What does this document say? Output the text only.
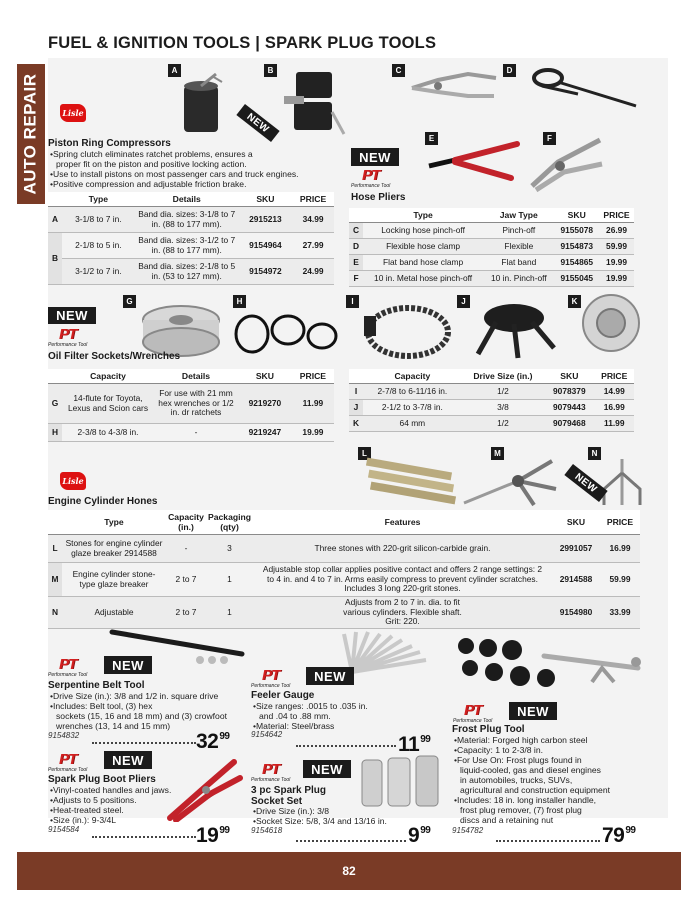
FUEL & IGNITION TOOLS | SPARK PLUG TOOLS
AUTO REPAIR	Lisle
A	B
NEW
Piston Ring Compressors
•Spring clutch eliminates ratchet problems, ensures a
proper fit on the piston and positive locking action.
•Use to install pistons on most passenger cars and truck engines.
•Positive compression and adjustable friction brake.
	Type	Details	SKU	PRICE
A	3-1/8 to 7 in.	Band dia. sizes: 3-1/8 to 7 in. (88 to 177 mm).	2915213	34.99
B	2-1/8 to 5 in.	Band dia. sizes: 3-1/2 to 7 in. (88 to 177 mm).	9154964	27.99
	3-1/2 to 7 in.	Band dia. sizes: 2-1/8 to 5 in. (53 to 127 mm).	9154972	24.99
C	D
E	F
NEW
PT
Performance Tool
Hose Pliers
	Type	Jaw Type	SKU	PRICE
C	Locking hose pinch-off	Pinch-off	9155078	26.99
D	Flexible hose clamp	Flexible	9154873	59.99
E	Flat band hose clamp	Flat band	9154865	19.99
F	10 in. Metal hose pinch-off	10 in. Pinch-off	9155045	19.99
G	H	I	J	K
NEW
PT
Performance Tool
Oil Filter Sockets/Wrenches
	Capacity	Details	SKU	PRICE
G	14-flute for Toyota, Lexus and Scion cars	For use with 21 mm hex wrenches or 1/2 in. dr ratchets	9219270	11.99
H	2-3/8 to 4-3/8 in.	-	9219247	19.99
	Capacity	Drive Size (in.)	SKU	PRICE
I	2-7/8 to 6-11/16 in.	1/2	9078379	14.99
J	2-1/2 to 3-7/8 in.	3/8	9079443	16.99
K	64 mm	1/2	9079468	11.99
L	M	N
NEW
Lisle
Engine Cylinder Hones
	Type	Capacity (in.)	Packaging (qty)	Features	SKU	PRICE
L	Stones for engine cylinder glaze breaker 2914588	-	3	Three stones with 220-grit silicon-carbide grain.	2991057	16.99
M	Engine cylinder stone-type glaze breaker	2 to 7	1	Adjustable stop collar applies positive contact and offers 2 range settings: 2 to 4 in. and 4 to 7 in. Arms easily compress to prevent cylinder scratches. Includes 3 long 220-grit stones.	2914588	59.99
N	Adjustable	2 to 7	1	Adjusts from 2 to 7 in. dia. to fit various cylinders. Flexible shaft. Grit: 220.	9154980	33.99
PT
Performance Tool
NEW
Serpentine Belt Tool
•Drive Size (in.): 3/8 and 1/2 in. square drive
•Includes: Belt tool, (3) hex
sockets (15, 16 and 18 mm) and (3) crowfoot
wrenches (13, 14 and 15 mm)
9154832	$32^{99}$
PT
Performance Tool
NEW
Spark Plug Boot Pliers
•Vinyl-coated handles and jaws.
•Adjusts to 5 positions.
•Heat-treated steel.
•Size (in.): 9-3/4L
9154584	$19^{99}$
PT
Performance Tool
NEW
Feeler Gauge
•Size ranges: .0015 to .035 in.
and .04 to .88 mm.
•Material: Steel/brass
9154642	$11^{99}$
PT
Performance Tool
NEW
3 pc Spark Plug
Socket Set
•Drive Size (in.): 3/8
•Socket Size: 5/8, 3/4 and 13/16 in.
9154618	$9^{99}$
PT
Performance Tool
NEW
Frost Plug Tool
•Material: Forged high carbon steel
•Capacity: 1 to 2-3/8 in.
•For Use On: Frost plugs found in
liquid-cooled, gas and diesel engines
in automobiles, trucks, SUVs,
agricultural and construction equipment
•Includes: 18 in. long installer handle,
frost plug remover, (7) frost plug
discs and a retaining nut
9154782	$79^{99}$
82
